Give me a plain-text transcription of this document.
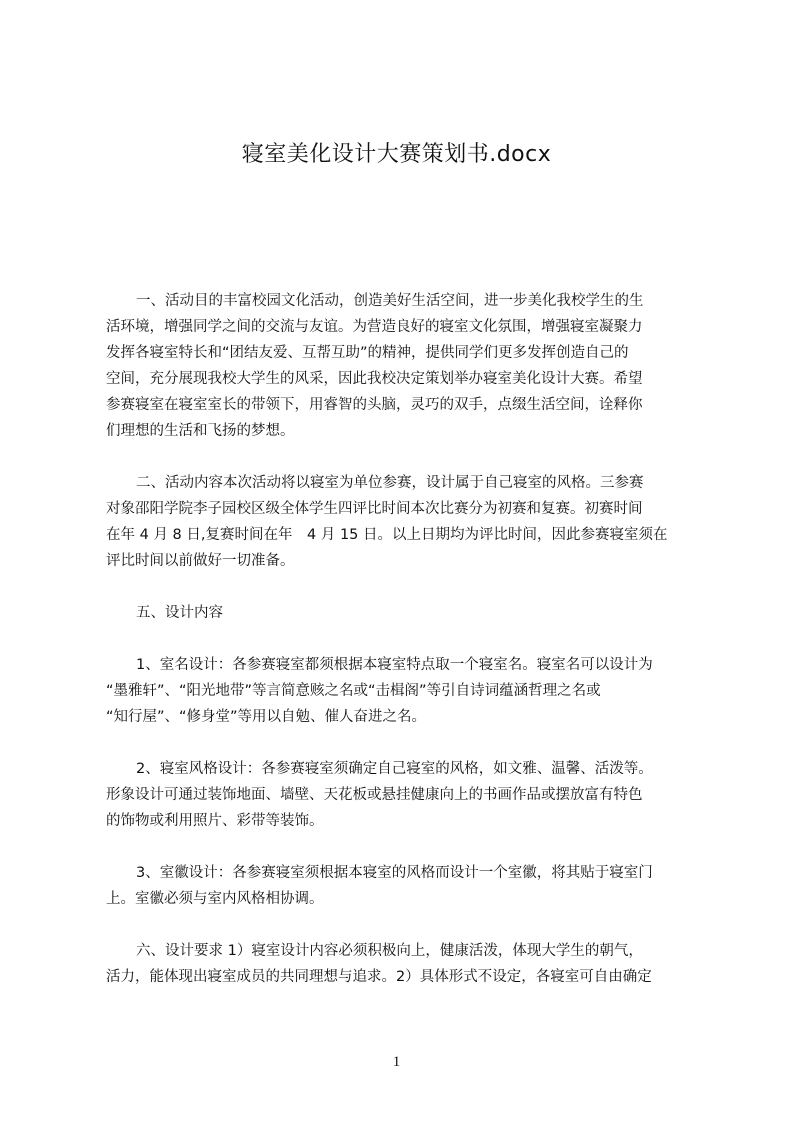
寝室美化设计大赛策划书.docx

一、活动目的丰富校园文化活动，创造美好生活空间，进一步美化我校学生的生
活环境，增强同学之间的交流与友谊。为营造良好的寝室文化氛围，增强寝室凝聚力
发挥各寝室特长和“团结友爱、互帮互助”的精神，提供同学们更多发挥创造自己的
空间，充分展现我校大学生的风采，因此我校决定策划举办寝室美化设计大赛。希望
参赛寝室在寝室室长的带领下，用睿智的头脑，灵巧的双手，点缀生活空间，诠释你
们理想的生活和飞扬的梦想。

二、活动内容本次活动将以寝室为单位参赛，设计属于自己寝室的风格。三参赛
对象邵阳学院李子园校区级全体学生四评比时间本次比赛分为初赛和复赛。初赛时间
在年 4 月 8 日,复赛时间在年　4 月 15 日。以上日期均为评比时间，因此参赛寝室须在
评比时间以前做好一切准备。

五、设计内容

1、室名设计：各参赛寝室都须根据本寝室特点取一个寝室名。寝室名可以设计为
“墨雅轩”、“阳光地带”等言简意赅之名或“击楫阁”等引自诗词蕴涵哲理之名或
“知行屋”、“修身堂”等用以自勉、催人奋进之名。

2、寝室风格设计：各参赛寝室须确定自己寝室的风格，如文雅、温馨、活泼等。
形象设计可通过装饰地面、墙壁、天花板或悬挂健康向上的书画作品或摆放富有特色
的饰物或利用照片、彩带等装饰。

3、室徽设计：各参赛寝室须根据本寝室的风格而设计一个室徽，将其贴于寝室门
上。室徽必须与室内风格相协调。

六、设计要求 1）寝室设计内容必须积极向上，健康活泼，体现大学生的朝气，
活力，能体现出寝室成员的共同理想与追求。2）具体形式不设定，各寝室可自由确定

1
